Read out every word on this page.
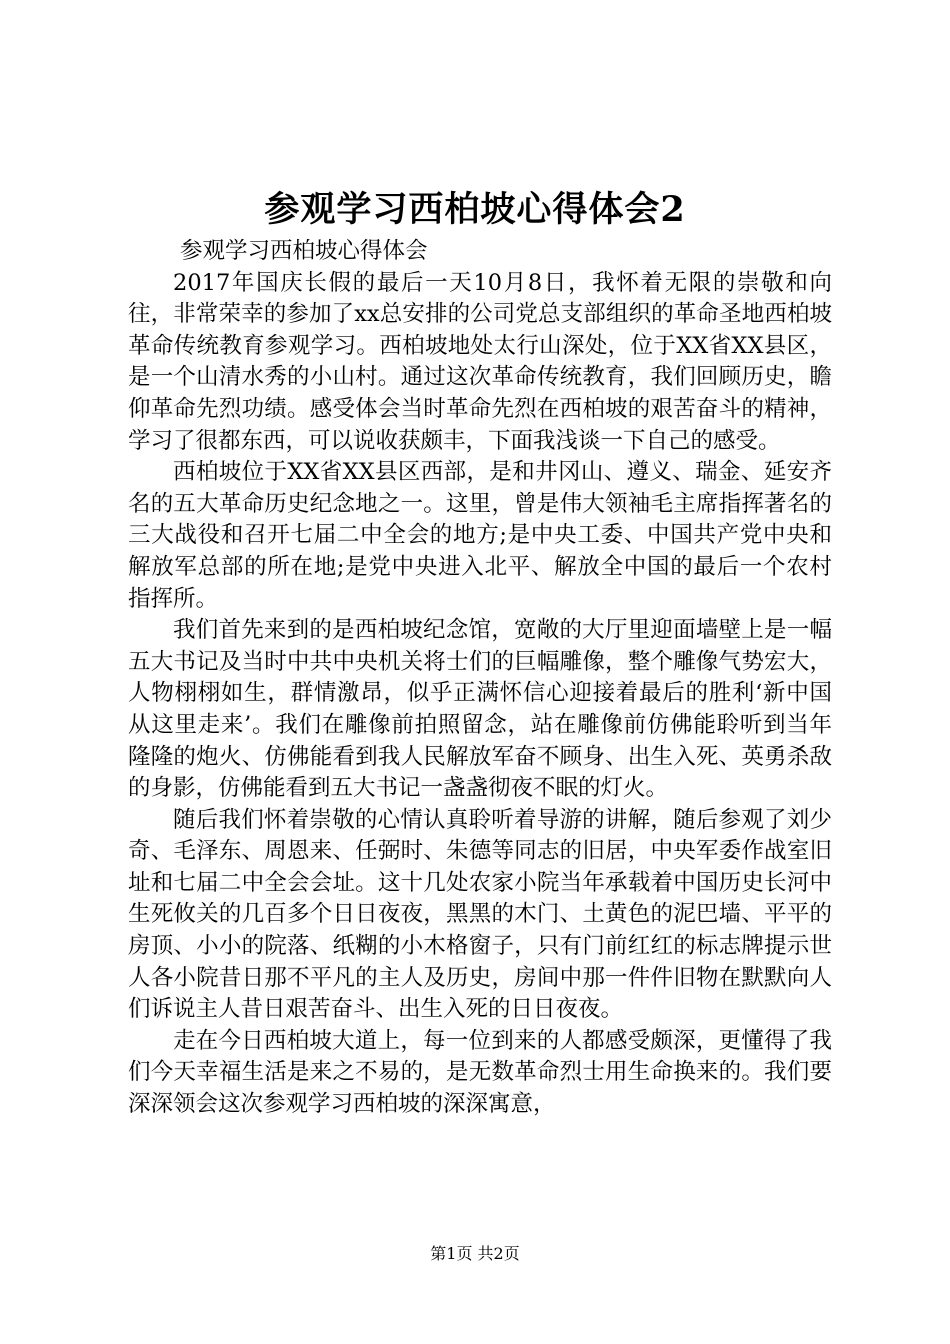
参观学习西柏坡心得体会2

参观学习西柏坡心得体会

2017年国庆长假的最后一天10月8日，我怀着无限的崇敬和向往，非常荣幸的参加了xx总安排的公司党总支部组织的革命圣地西柏坡革命传统教育参观学习。西柏坡地处太行山深处，位于XX省XX县区，是一个山清水秀的小山村。通过这次革命传统教育，我们回顾历史，瞻仰革命先烈功绩。感受体会当时革命先烈在西柏坡的艰苦奋斗的精神，学习了很都东西，可以说收获颇丰，下面我浅谈一下自己的感受。

西柏坡位于XX省XX县区西部，是和井冈山、遵义、瑞金、延安齐名的五大革命历史纪念地之一。这里，曾是伟大领袖毛主席指挥著名的三大战役和召开七届二中全会的地方;是中央工委、中国共产党中央和解放军总部的所在地;是党中央进入北平、解放全中国的最后一个农村指挥所。

我们首先来到的是西柏坡纪念馆，宽敞的大厅里迎面墙壁上是一幅五大书记及当时中共中央机关将士们的巨幅雕像，整个雕像气势宏大，人物栩栩如生，群情激昂，似乎正满怀信心迎接着最后的胜利‘新中国从这里走来’。我们在雕像前拍照留念，站在雕像前仿佛能聆听到当年隆隆的炮火、仿佛能看到我人民解放军奋不顾身、出生入死、英勇杀敌的身影，仿佛能看到五大书记一盏盏彻夜不眠的灯火。

随后我们怀着崇敬的心情认真聆听着导游的讲解，随后参观了刘少奇、毛泽东、周恩来、任弼时、朱德等同志的旧居，中央军委作战室旧址和七届二中全会会址。这十几处农家小院当年承载着中国历史长河中生死攸关的几百多个日日夜夜，黑黑的木门、土黄色的泥巴墙、平平的房顶、小小的院落、纸糊的小木格窗子，只有门前红红的标志牌提示世人各小院昔日那不平凡的主人及历史，房间中那一件件旧物在默默向人们诉说主人昔日艰苦奋斗、出生入死的日日夜夜。

走在今日西柏坡大道上，每一位到来的人都感受颇深，更懂得了我们今天幸福生活是来之不易的，是无数革命烈士用生命换来的。我们要深深领会这次参观学习西柏坡的深深寓意，

第1页 共2页
